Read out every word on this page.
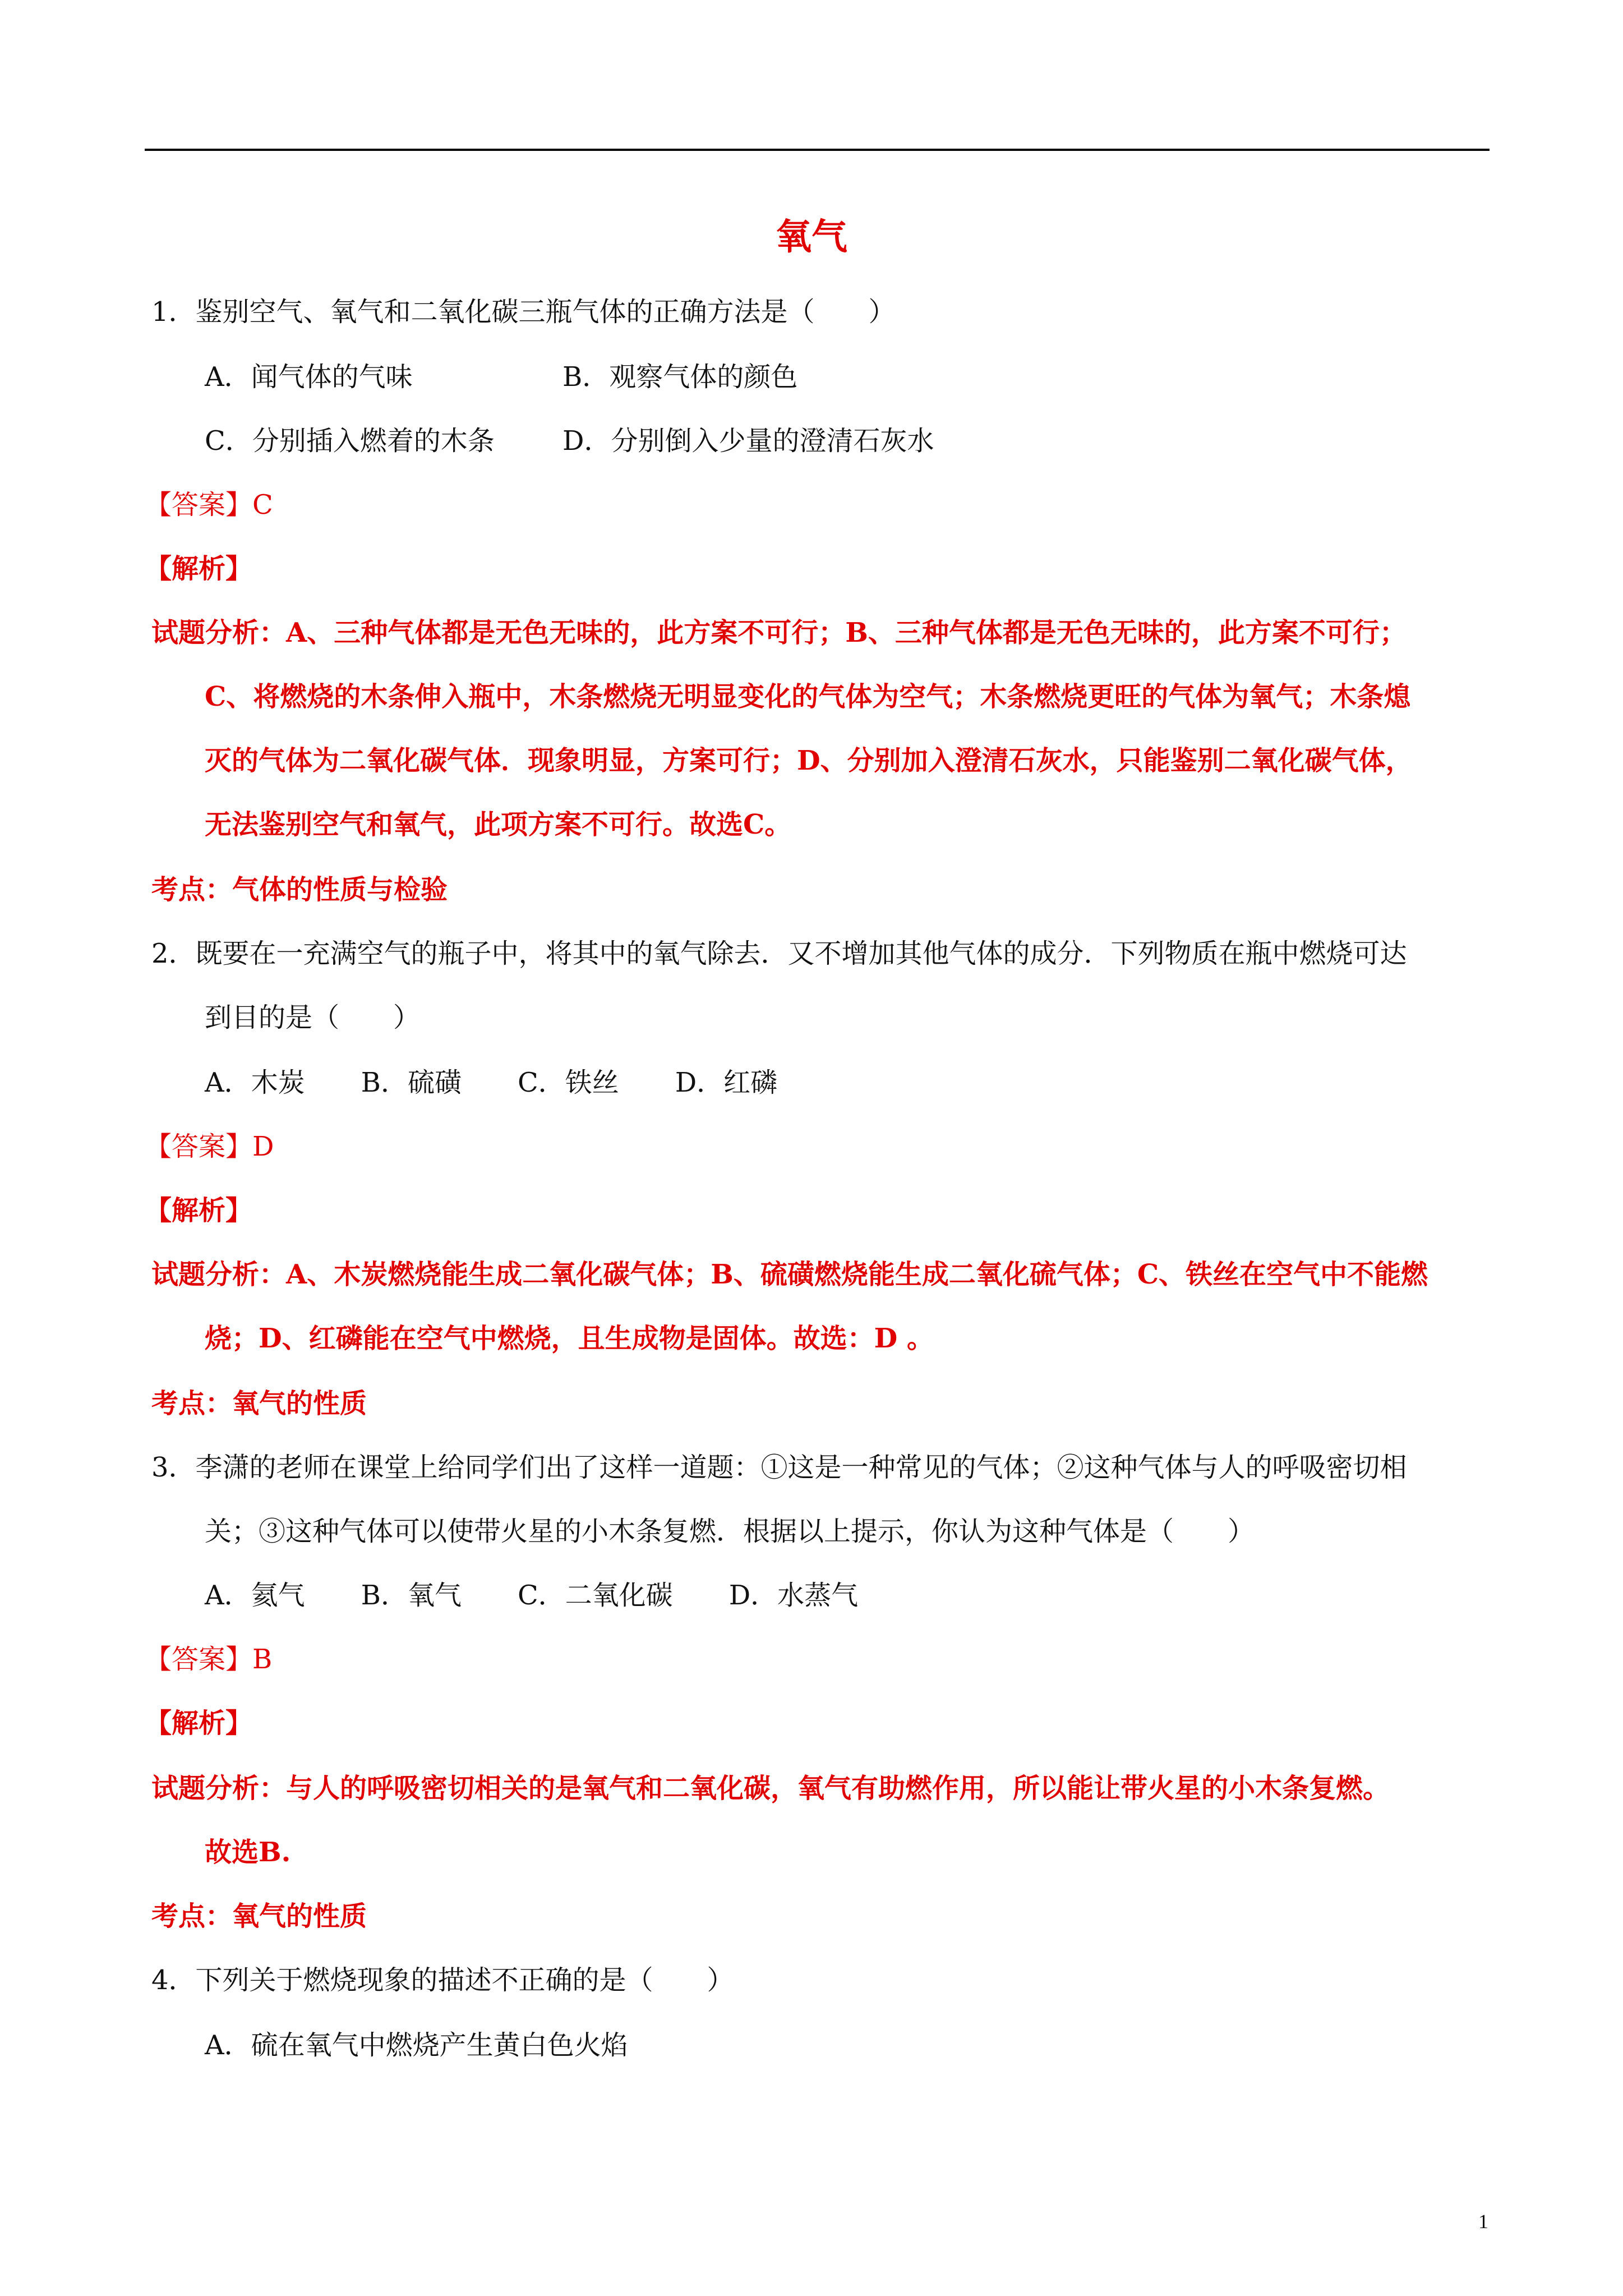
氧气
1．鉴别空气、氧气和二氧化碳三瓶气体的正确方法是（　　）
A．闻气体的气味	B．观察气体的颜色
C．分别插入燃着的木条	D．分别倒入少量的澄清石灰水
【答案】C
【解析】
试题分析：A、三种气体都是无色无味的，此方案不可行；B、三种气体都是无色无味的，此方案不可行；
C、将燃烧的木条伸入瓶中，木条燃烧无明显变化的气体为空气；木条燃烧更旺的气体为氧气；木条熄
灭的气体为二氧化碳气体．现象明显，方案可行；D、分别加入澄清石灰水，只能鉴别二氧化碳气体，
无法鉴别空气和氧气，此项方案不可行。故选C。
考点：气体的性质与检验
2．既要在一充满空气的瓶子中，将其中的氧气除去．又不增加其他气体的成分．下列物质在瓶中燃烧可达
到目的是（　　）
A．木炭 B．硫磺 C．铁丝 D．红磷
【答案】D
【解析】
试题分析：A、木炭燃烧能生成二氧化碳气体；B、硫磺燃烧能生成二氧化硫气体；C、铁丝在空气中不能燃
烧；D、红磷能在空气中燃烧，且生成物是固体。故选：D 。
考点：氧气的性质
3．李潇的老师在课堂上给同学们出了这样一道题：①这是一种常见的气体；②这种气体与人的呼吸密切相
关；③这种气体可以使带火星的小木条复燃．根据以上提示，你认为这种气体是（　　）
A．氦气 B．氧气 C．二氧化碳 D．水蒸气
【答案】B
【解析】
试题分析：与人的呼吸密切相关的是氧气和二氧化碳，氧气有助燃作用，所以能让带火星的小木条复燃。
故选B.
考点：氧气的性质
4．下列关于燃烧现象的描述不正确的是（　　）
A．硫在氧气中燃烧产生黄白色火焰
1
